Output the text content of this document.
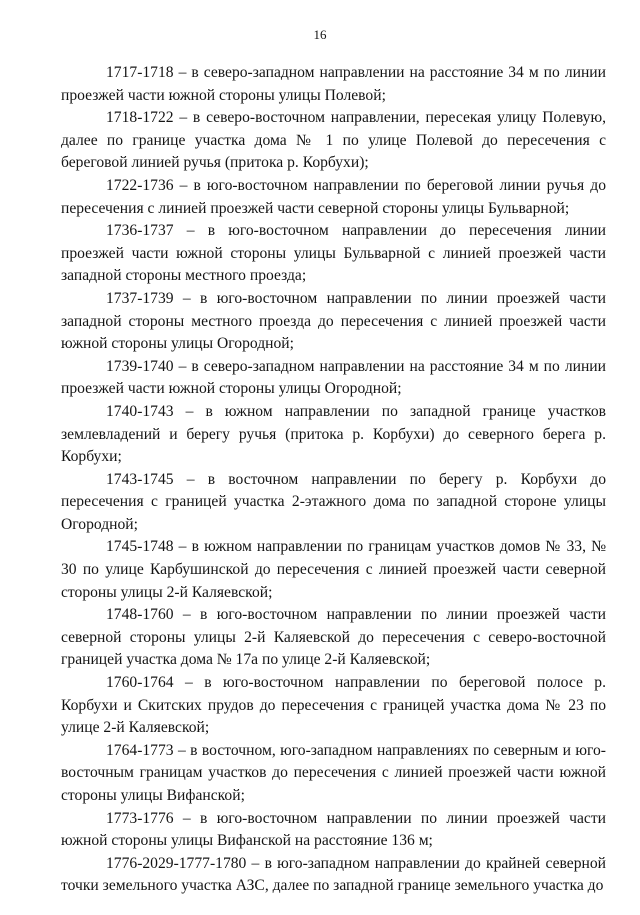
16

1717-1718 – в северо-западном направлении на расстояние 34 м по линии проезжей части южной стороны улицы Полевой;

1718-1722 – в северо-восточном направлении, пересекая улицу Полевую, далее по границе участка дома № 1 по улице Полевой до пересечения с береговой линией ручья (притока р. Корбухи);

1722-1736 – в юго-восточном направлении по береговой линии ручья до пересечения с линией проезжей части северной стороны улицы Бульварной;

1736-1737 – в юго-восточном направлении до пересечения линии проезжей части южной стороны улицы Бульварной с линией проезжей части западной стороны местного проезда;

1737-1739 – в юго-восточном направлении по линии проезжей части западной стороны местного проезда до пересечения с линией проезжей части южной стороны улицы Огородной;

1739-1740 – в северо-западном направлении на расстояние 34 м по линии проезжей части южной стороны улицы Огородной;

1740-1743 – в южном направлении по западной границе участков землевладений и берегу ручья (притока р. Корбухи) до северного берега р. Корбухи;

1743-1745 – в восточном направлении по берегу р. Корбухи до пересечения с границей участка 2-этажного дома по западной стороне улицы Огородной;

1745-1748 – в южном направлении по границам участков домов № 33, № 30 по улице Карбушинской до пересечения с линией проезжей части северной стороны улицы 2-й Каляевской;

1748-1760 – в юго-восточном направлении по линии проезжей части северной стороны улицы 2-й Каляевской до пересечения с северо-восточной границей участка дома № 17а по улице 2-й Каляевской;

1760-1764 – в юго-восточном направлении по береговой полосе р. Корбухи и Скитских прудов до пересечения с границей участка дома № 23 по улице 2-й Каляевской;

1764-1773 – в восточном, юго-западном направлениях по северным и юго-восточным границам участков до пересечения с линией проезжей части южной стороны улицы Вифанской;

1773-1776 – в юго-восточном направлении по линии проезжей части южной стороны улицы Вифанской на расстояние 136 м;

1776-2029-1777-1780 – в юго-западном направлении до крайней северной точки земельного участка АЗС, далее по западной границе земельного участка до
